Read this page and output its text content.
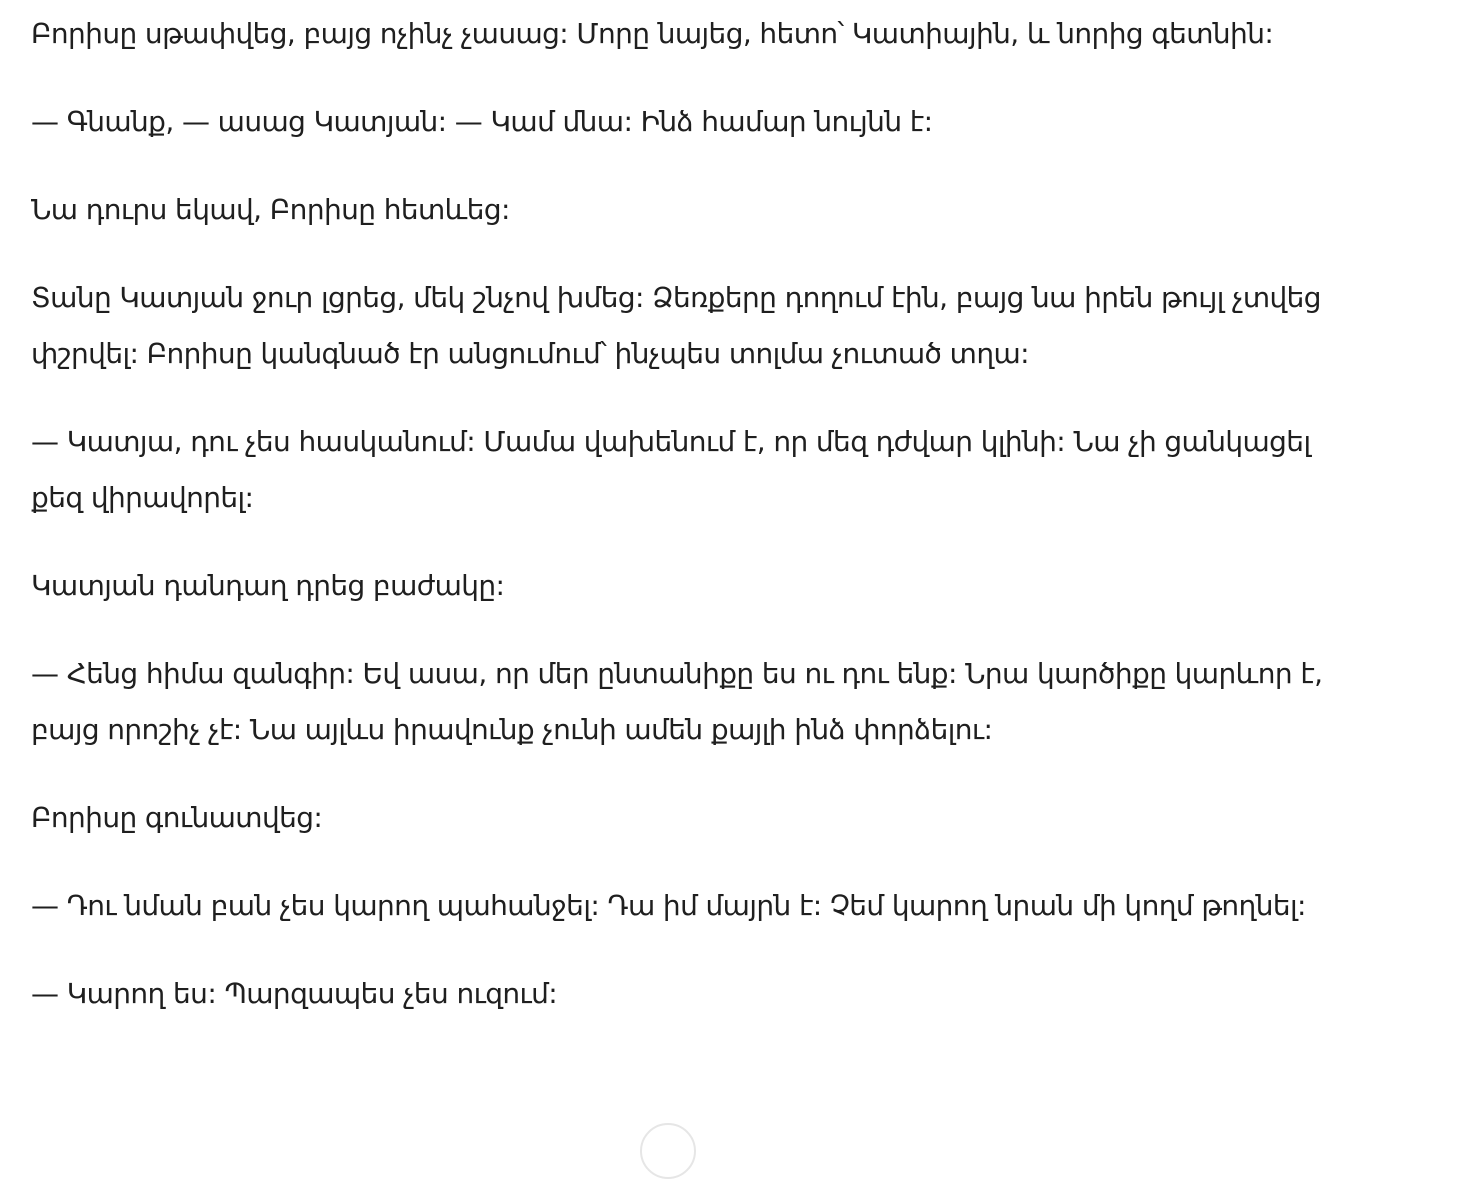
Բորիսը սթափվեց, բայց ոչինչ չասաց: Մորը նայեց, հետո՝ Կատիային, և նորից գետնին:

— Գնանք, — ասաց Կատյան: — Կամ մնա: Ինձ համար նույնն է:

Նա դուրս եկավ, Բորիսը հետևեց:

Տանը Կատյան ջուր լցրեց, մեկ շնչով խմեց: Ձեռքերը դողում էին, բայց նա իրեն թույլ չտվեց փշրվել: Բորիսը կանգնած էր անցումում՝ ինչպես տոլմա չուտած տղա:

— Կատյա, դու չես հասկանում: Մամա վախենում է, որ մեզ դժվար կլինի: Նա չի ցանկացել քեզ վիրավորել:

Կատյան դանդաղ դրեց բաժակը:

— Հենց հիմա զանգիր: Եվ ասա, որ մեր ընտանիքը ես ու դու ենք: Նրա կարծիքը կարևոր է, բայց որոշիչ չէ: Նա այլևս իրավունք չունի ամեն քայլի ինձ փորձելու:

Բորիսը գունատվեց:

— Դու նման բան չես կարող պահանջել: Դա իմ մայրն է: Չեմ կարող նրան մի կողմ թողնել:

— Կարող ես: Պարզապես չես ուզում:
